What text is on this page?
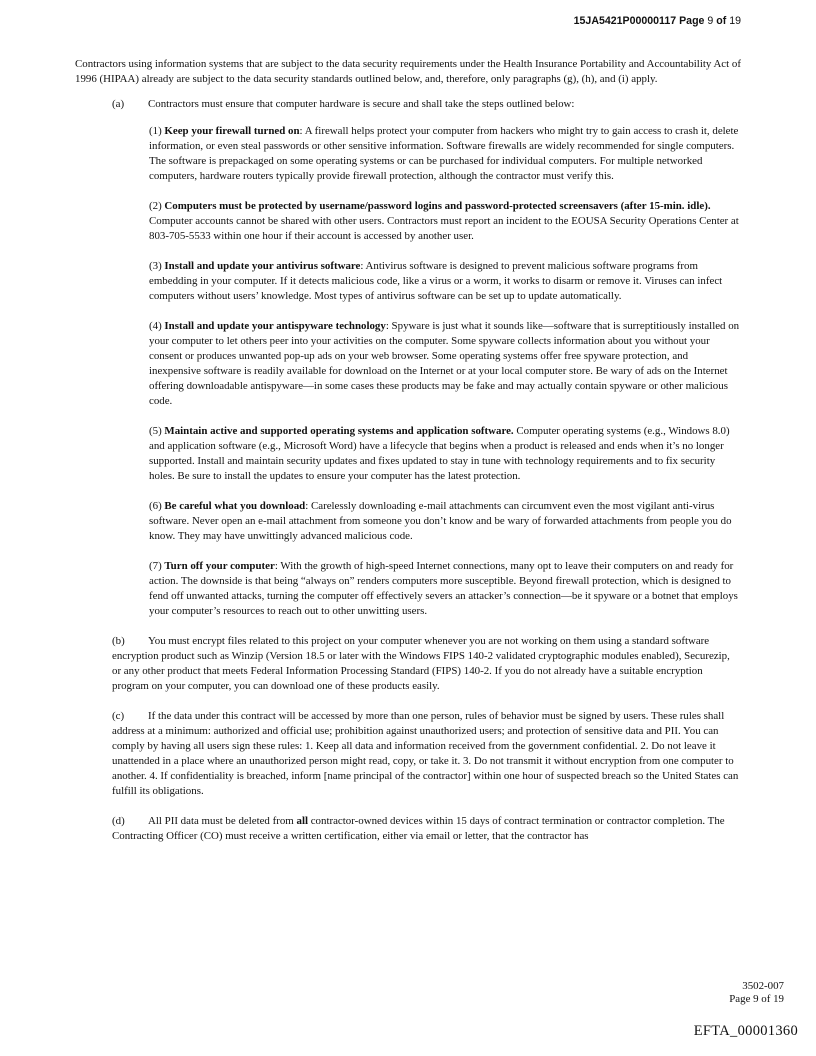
15JA5421P00000117 Page 9 of 19

Contractors using information systems that are subject to the data security requirements under the Health Insurance Portability and Accountability Act of 1996 (HIPAA) already are subject to the data security standards outlined below, and, therefore, only paragraphs (g), (h), and (i) apply.

(a) Contractors must ensure that computer hardware is secure and shall take the steps outlined below:

(1) Keep your firewall turned on: A firewall helps protect your computer from hackers who might try to gain access to crash it, delete information, or even steal passwords or other sensitive information. Software firewalls are widely recommended for single computers. The software is prepackaged on some operating systems or can be purchased for individual computers. For multiple networked computers, hardware routers typically provide firewall protection, although the contractor must verify this.

(2) Computers must be protected by username/password logins and password-protected screensavers (after 15-min. idle). Computer accounts cannot be shared with other users. Contractors must report an incident to the EOUSA Security Operations Center at 803-705-5533 within one hour if their account is accessed by another user.

(3) Install and update your antivirus software: Antivirus software is designed to prevent malicious software programs from embedding in your computer. If it detects malicious code, like a virus or a worm, it works to disarm or remove it. Viruses can infect computers without users’ knowledge. Most types of antivirus software can be set up to update automatically.

(4) Install and update your antispyware technology: Spyware is just what it sounds like—software that is surreptitiously installed on your computer to let others peer into your activities on the computer. Some spyware collects information about you without your consent or produces unwanted pop-up ads on your web browser. Some operating systems offer free spyware protection, and inexpensive software is readily available for download on the Internet or at your local computer store. Be wary of ads on the Internet offering downloadable antispyware—in some cases these products may be fake and may actually contain spyware or other malicious code.

(5) Maintain active and supported operating systems and application software. Computer operating systems (e.g., Windows 8.0) and application software (e.g., Microsoft Word) have a lifecycle that begins when a product is released and ends when it’s no longer supported. Install and maintain security updates and fixes updated to stay in tune with technology requirements and to fix security holes. Be sure to install the updates to ensure your computer has the latest protection.

(6) Be careful what you download: Carelessly downloading e-mail attachments can circumvent even the most vigilant anti-virus software. Never open an e-mail attachment from someone you don’t know and be wary of forwarded attachments from people you do know. They may have unwittingly advanced malicious code.

(7) Turn off your computer: With the growth of high-speed Internet connections, many opt to leave their computers on and ready for action. The downside is that being “always on” renders computers more susceptible. Beyond firewall protection, which is designed to fend off unwanted attacks, turning the computer off effectively severs an attacker’s connection—be it spyware or a botnet that employs your computer’s resources to reach out to other unwitting users.

(b) You must encrypt files related to this project on your computer whenever you are not working on them using a standard software encryption product such as Winzip (Version 18.5 or later with the Windows FIPS 140-2 validated cryptographic modules enabled), Securezip, or any other product that meets Federal Information Processing Standard (FIPS) 140-2. If you do not already have a suitable encryption program on your computer, you can download one of these products easily.

(c) If the data under this contract will be accessed by more than one person, rules of behavior must be signed by users. These rules shall address at a minimum: authorized and official use; prohibition against unauthorized users; and protection of sensitive data and PII. You can comply by having all users sign these rules: 1. Keep all data and information received from the government confidential. 2. Do not leave it unattended in a place where an unauthorized person might read, copy, or take it. 3. Do not transmit it without encryption from one computer to another. 4. If confidentiality is breached, inform [name principal of the contractor] within one hour of suspected breach so the United States can fulfill its obligations.

(d) All PII data must be deleted from all contractor-owned devices within 15 days of contract termination or contractor completion. The Contracting Officer (CO) must receive a written certification, either via email or letter, that the contractor has

3502-007
Page 9 of 19
EFTA_00001360
